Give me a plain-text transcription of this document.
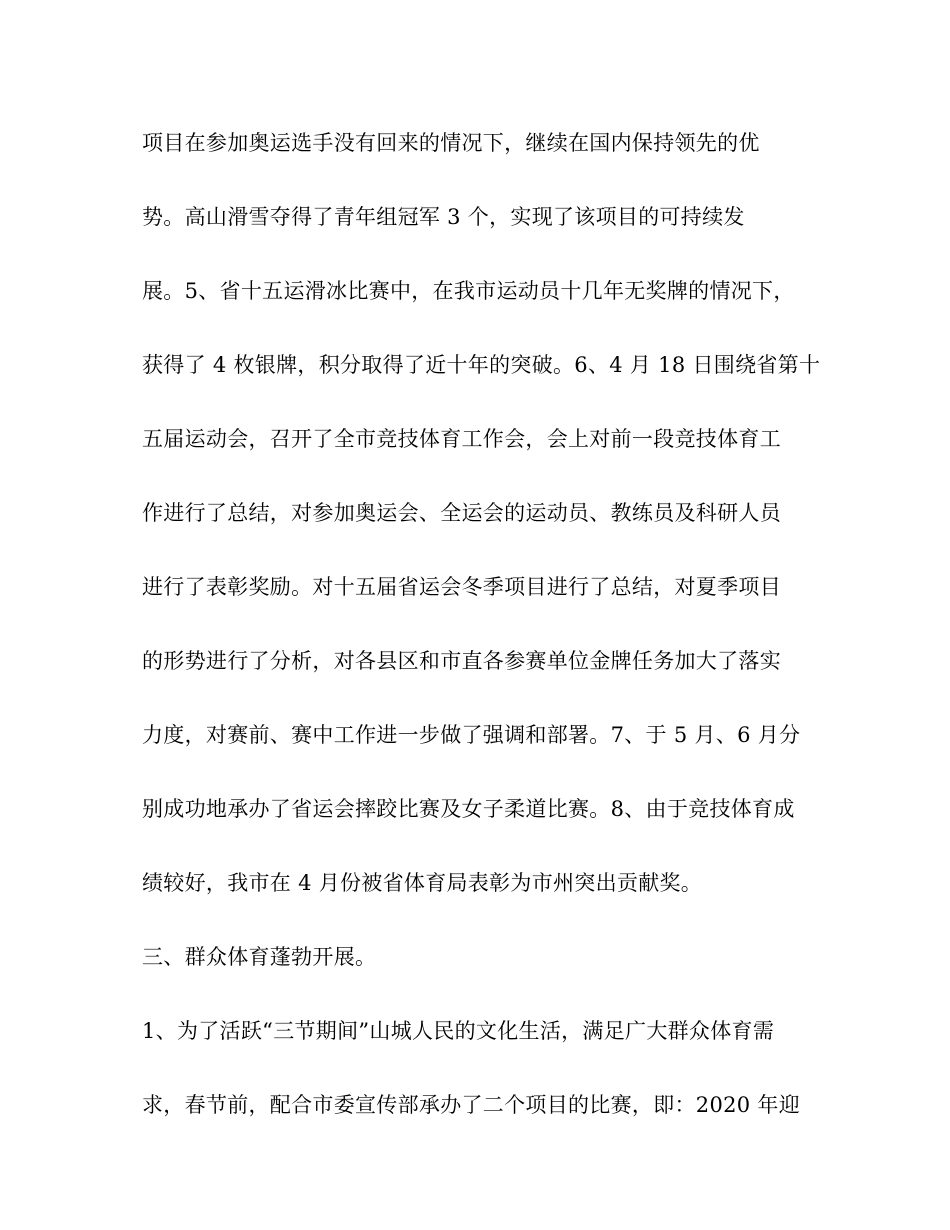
项目在参加奥运选手没有回来的情况下，继续在国内保持领先的优
势。高山滑雪夺得了青年组冠军 3 个，实现了该项目的可持续发
展。5、省十五运滑冰比赛中，在我市运动员十几年无奖牌的情况下，
获得了 4 枚银牌，积分取得了近十年的突破。6、4 月 18 日围绕省第十
五届运动会，召开了全市竞技体育工作会，会上对前一段竞技体育工
作进行了总结，对参加奥运会、全运会的运动员、教练员及科研人员
进行了表彰奖励。对十五届省运会冬季项目进行了总结，对夏季项目
的形势进行了分析，对各县区和市直各参赛单位金牌任务加大了落实
力度，对赛前、赛中工作进一步做了强调和部署。7、于 5 月、6 月分
别成功地承办了省运会摔跤比赛及女子柔道比赛。8、由于竞技体育成
绩较好，我市在 4 月份被省体育局表彰为市州突出贡献奖。
三、群众体育蓬勃开展。
1、为了活跃“三节期间”山城人民的文化生活，满足广大群众体育需
求，春节前，配合市委宣传部承办了二个项目的比赛，即：2020 年迎
